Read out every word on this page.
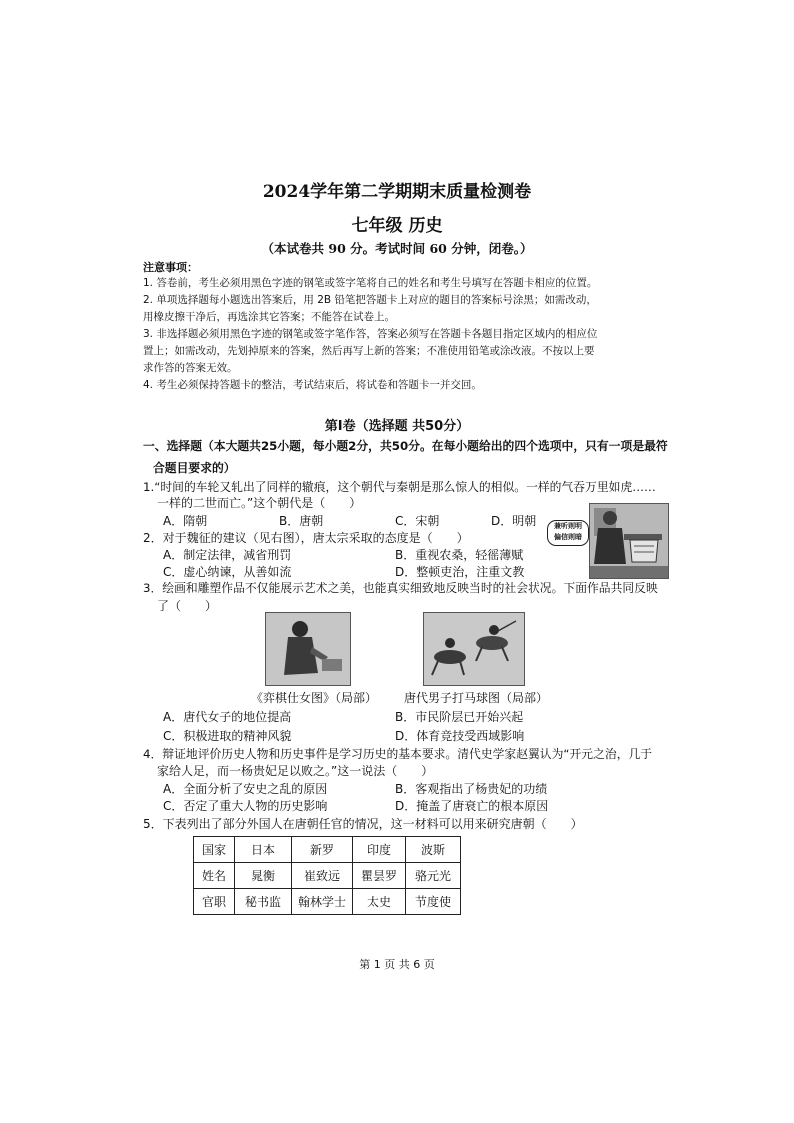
2024学年第二学期期末质量检测卷
七年级 历史
（本试卷共 90 分。考试时间 60 分钟，闭卷。）
注意事项：
1. 答卷前，考生必须用黑色字迹的钢笔或签字笔将自己的姓名和考生号填写在答题卡相应的位置。
2. 单项选择题每小题选出答案后，用 2B 铅笔把答题卡上对应的题目的答案标号涂黑；如需改动，
用橡皮擦干净后，再选涂其它答案；不能答在试卷上。
3. 非选择题必须用黑色字迹的钢笔或签字笔作答，答案必须写在答题卡各题目指定区域内的相应位
置上；如需改动，先划掉原来的答案，然后再写上新的答案；不准使用铅笔或涂改液。不按以上要
求作答的答案无效。
4. 考生必须保持答题卡的整洁，考试结束后，将试卷和答题卡一并交回。
第Ⅰ卷（选择题 共50分）
一、选择题（本大题共25小题，每小题2分，共50分。在每小题给出的四个选项中，只有一项是最符
合题目要求的）
1.“时间的车轮又轧出了同样的辙痕，这个朝代与秦朝是那么惊人的相似。一样的气吞万里如虎……
一样的二世而亡。”这个朝代是（　　）
A．隋朝	B．唐朝	C．宋朝	D．明朝
2．对于魏征的建议（见右图），唐太宗采取的态度是（　　）
A．制定法律，减省刑罚	B．重视农桑，轻徭薄赋
C．虚心纳谏，从善如流	D．整顿吏治，注重文教
兼听则明
偏信则暗
3．绘画和雕塑作品不仅能展示艺术之美，也能真实细致地反映当时的社会状况。下面作品共同反映
了（　　）
《弈棋仕女图》（局部） 唐代男子打马球图（局部）
A．唐代女子的地位提高	B．市民阶层已开始兴起
C．积极进取的精神风貌	D．体育竞技受西域影响
4．辩证地评价历史人物和历史事件是学习历史的基本要求。清代史学家赵翼认为“开元之治，几于
家给人足，而一杨贵妃足以败之。”这一说法（　　）
A．全面分析了安史之乱的原因	B．客观指出了杨贵妃的功绩
C．否定了重大人物的历史影响	D．掩盖了唐衰亡的根本原因
5．下表列出了部分外国人在唐朝任官的情况，这一材料可以用来研究唐朝（　　）
国家	日本	新罗	印度	波斯
姓名	晁衡	崔致远	瞿昙罗	骆元光
官职	秘书监	翰林学士	太史	节度使
第 1 页 共 6 页
